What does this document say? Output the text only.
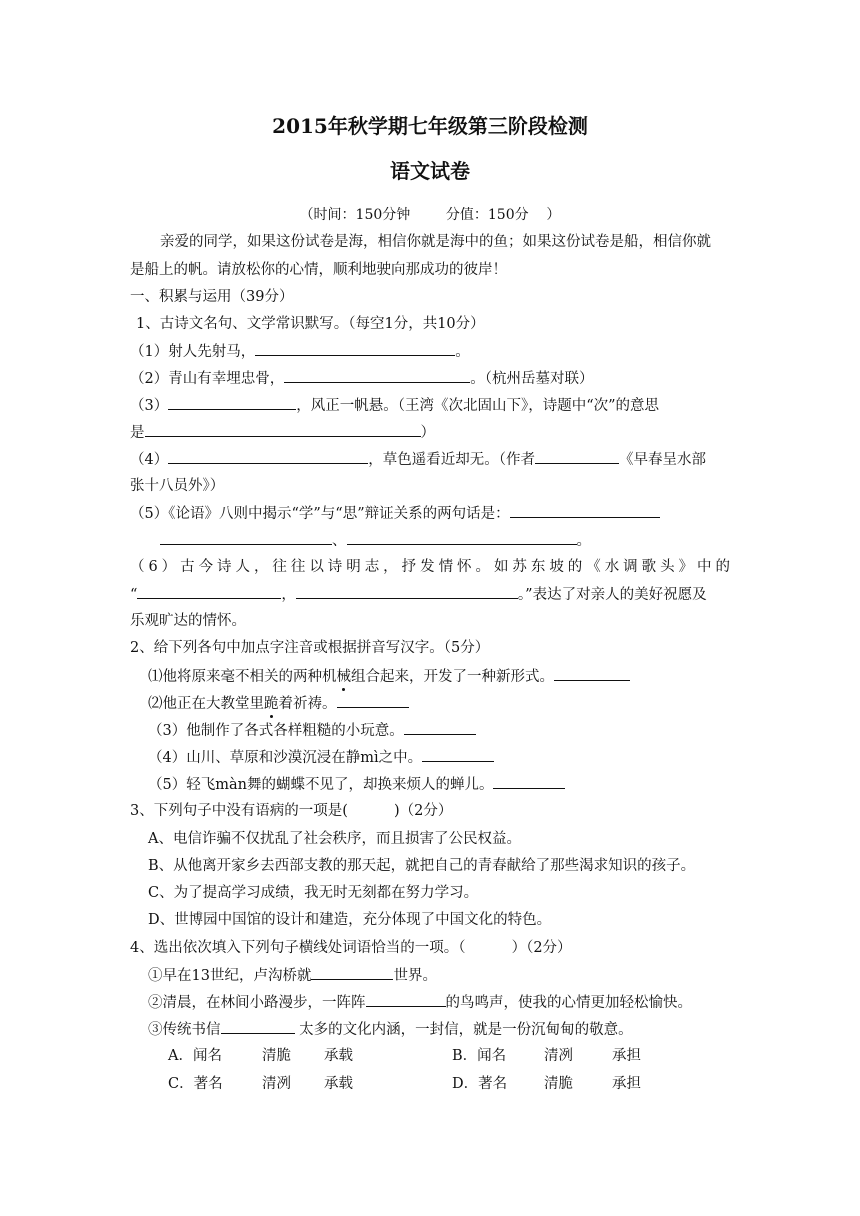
2015年秋学期七年级第三阶段检测
语文试卷
（时间：150分钟        分值：150分    ）
亲爱的同学，如果这份试卷是海，相信你就是海中的鱼；如果这份试卷是船，相信你就
是船上的帆。请放松你的心情，顺利地驶向那成功的彼岸！
一、积累与运用（39分）
1、古诗文名句、文学常识默写。（每空1分，共10分）
（1）射人先射马，	。
（2）青山有幸埋忠骨，	。（杭州岳墓对联）
（3）	，风正一帆悬。（王湾《次北固山下》，诗题中“次”的意思
是	）
（4）	，草色遥看近却无。（作者	《早春呈水部
张十八员外》）
（5）《论语》八则中揭示“学”与“思”辩证关系的两句话是：
、	。
（6）古今诗人，往往以诗明志，抒发情怀。如苏东坡的《水调歌头》中的
“	，	。”表达了对亲人的美好祝愿及
乐观旷达的情怀。
2、给下列各句中加点字注音或根据拼音写汉字。（5分）
⑴他将原来毫不相关的两种机械组合起来，开发了一种新形式。
⑵他正在大教堂里跪着祈祷。
（3）他制作了各式各样粗糙的小玩意。
（4）山川、草原和沙漠沉浸在静mì之中。
（5）轻飞màn舞的蝴蝶不见了，却换来烦人的蝉儿。
3、下列句子中没有语病的一项是(          )（2分）
A、电信诈骗不仅扰乱了社会秩序，而且损害了公民权益。
B、从他离开家乡去西部支教的那天起，就把自己的青春献给了那些渴求知识的孩子。
C、为了提高学习成绩，我无时无刻都在努力学习。
D、世博园中国馆的设计和建造，充分体现了中国文化的特色。
4、选出依次填入下列句子横线处词语恰当的一项。（          ）（2分）
①早在13世纪，卢沟桥就	世界。
②清晨，在林间小路漫步，一阵阵	的鸟鸣声，使我的心情更加轻松愉快。
③传统书信	太多的文化内涵，一封信，就是一份沉甸甸的敬意。
A．闻名	清脆 承载	B．闻名	清冽	承担
C．著名	清冽 承载	D．著名	清脆	承担
